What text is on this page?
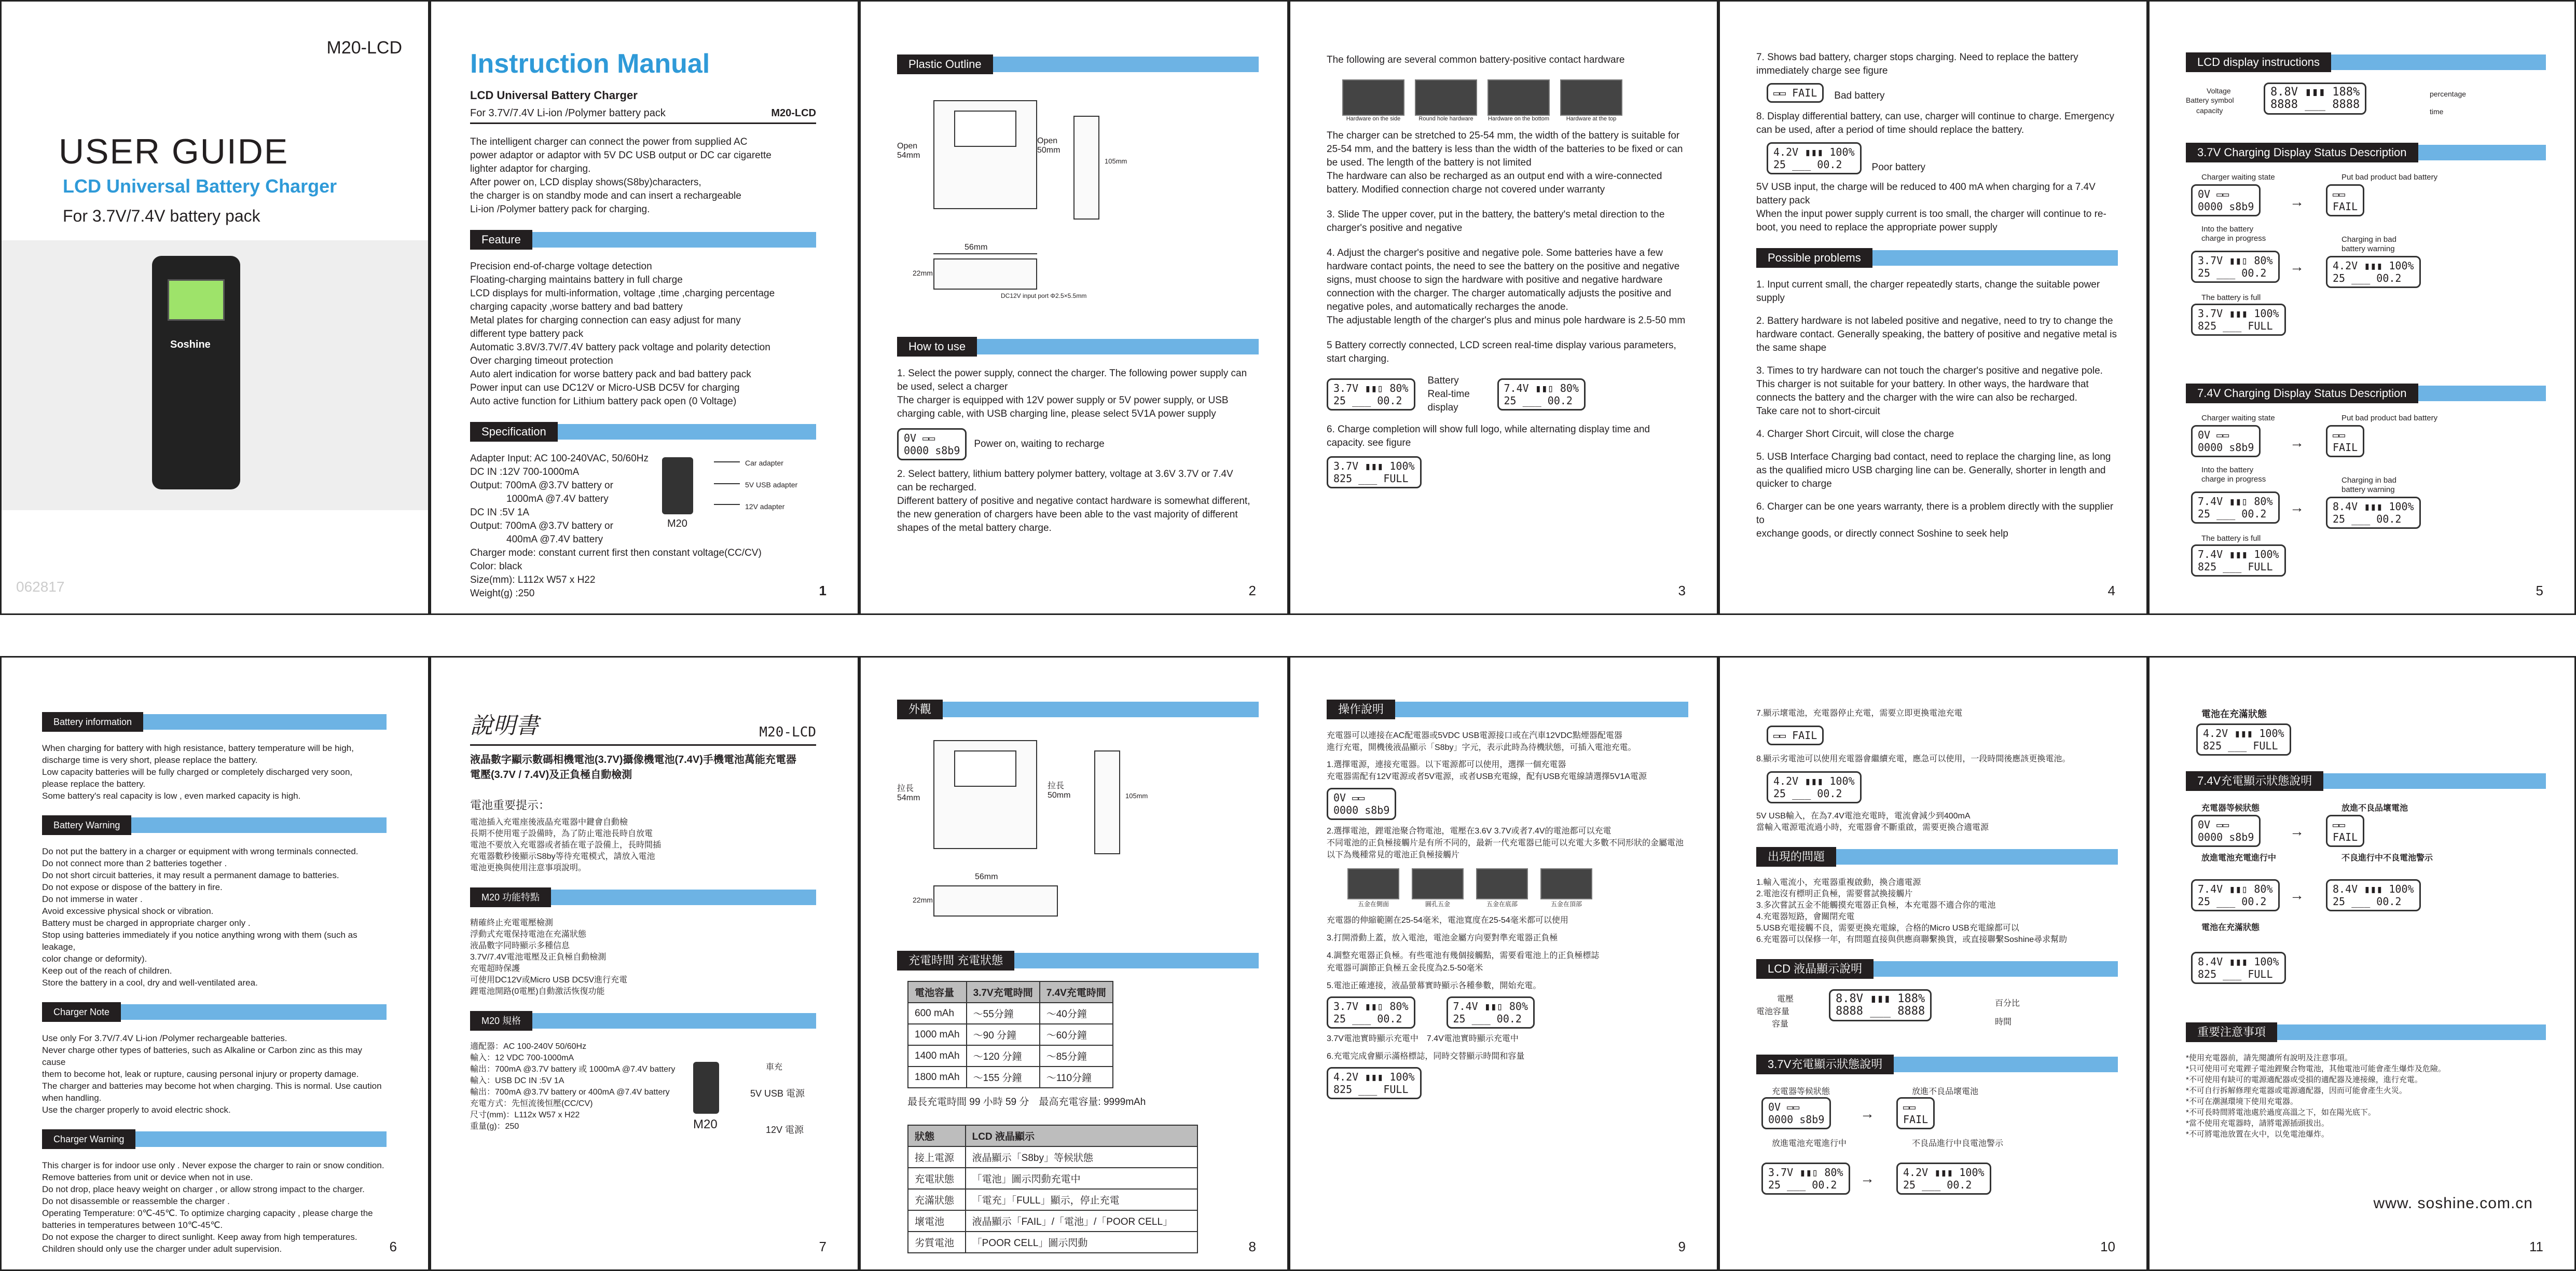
M20-LCD
USER GUIDE
LCD Universal Battery Charger
For 3.7V/7.4V battery pack
Soshine
062817
Instruction Manual
LCD Universal Battery Charger
For 3.7V/7.4V Li-ion /Polymer battery pack	M20-LCD
The intelligent charger can connect the power from supplied AC
power adaptor or adaptor with 5V DC USB output or DC car cigarette
lighter adaptor for charging.
After power on, LCD display shows(S8by)characters,
the charger is on standby mode and can insert a rechargeable
Li-ion /Polymer battery pack for charging.
Feature
Precision end-of-charge voltage detection
Floating-charging maintains battery in full charge
LCD displays for multi-information, voltage ,time ,charging percentage
charging capacity ,worse battery and bad battery
Metal plates for charging connection can easy adjust for many
different type battery pack
Automatic 3.8V/3.7V/7.4V battery pack voltage and polarity detection
Over charging timeout protection
Auto alert indication for worse battery pack and bad battery pack
Power input can use DC12V or Micro-USB DC5V for charging
Auto active function for Lithium battery pack open (0 Voltage)
Specification
Adapter Input: AC 100-240VAC, 50/60Hz
DC IN :12V 700-1000mA
Output: 700mA @3.7V battery or
1000mA @7.4V battery
DC IN :5V 1A
Output: 700mA @3.7V battery or
400mA @7.4V battery
Charger mode: constant current first then constant voltage(CC/CV)
Color: black
Size(mm): L112x W57 x H22
Weight(g) :250
Car adapter
5V USB adapter
12V adapter
M20
1
Plastic Outline
Open 54mm
Open 50mm
105mm
56mm
22mm
DC12V input port Φ2.5×5.5mm
How to use
1. Select the power supply, connect the charger. The following power supply can
be used, select a charger
The charger is equipped with 12V power supply or 5V power supply, or USB
charging cable, with USB charging line, please select 5V1A power supply
0V ▭▭
0000 s8b9
Power on, waiting to recharge
2. Select battery, lithium battery polymer battery, voltage at 3.6V 3.7V or 7.4V
can be recharged.
Different battery of positive and negative contact hardware is somewhat different,
the new generation of chargers have been able to the vast majority of different
shapes of the metal battery charge.
2
The following are several common battery-positive contact hardware
Hardware on the side	Round hole hardware	Hardware on the bottom	Hardware at the top
The charger can be stretched to 25-54 mm, the width of the battery is suitable for
25-54 mm, and the battery is less than the width of the batteries to be fixed or can
be used. The length of the battery is not limited
The hardware can also be recharged as an output end with a wire-connected
battery. Modified connection charge not covered under warranty
3. Slide The upper cover, put in the battery, the battery's metal direction to the
charger's positive and negative
4. Adjust the charger's positive and negative pole. Some batteries have a few
hardware contact points, the need to see the battery on the positive and negative
signs, must choose to sign the hardware with positive and negative hardware
connection with the charger. The charger automatically adjusts the positive and
negative poles, and automatically recharges the anode.
The adjustable length of the charger's plus and minus pole hardware is 2.5-50 mm
5 Battery correctly connected, LCD screen real-time display various parameters,
start charging.
3.7V ▮▮▯ 80%
25 ___ 00.2
Battery Real-time display
7.4V ▮▮▯ 80%
25 ___ 00.2
6. Charge completion will show full logo, while alternating display time and
capacity. see figure
3.7V ▮▮▮ 100%
825 ___ FULL
3
7. Shows bad battery, charger stops charging. Need to replace the battery
immediately charge see figure
▭▭ FAIL Bad battery
8. Display differential battery, can use, charger will continue to charge. Emergency
can be used, after a period of time should replace the battery.
4.2V ▮▮▮ 100%
25 ___ 00.2	Poor battery
5V USB input, the charge will be reduced to 400 mA when charging for a 7.4V
battery pack
When the input power supply current is too small, the charger will continue to re-
boot, you need to replace the appropriate power supply
Possible problems
1. Input current small, the charger repeatedly starts, change the suitable power
supply
2. Battery hardware is not labeled positive and negative, need to try to change the
hardware contact. Generally speaking, the battery of positive and negative metal is
the same shape
3. Times to try hardware can not touch the charger's positive and negative pole.
This charger is not suitable for your battery. In other ways, the hardware that
connects the battery and the charger with the wire can also be recharged.
Take care not to short-circuit
4. Charger Short Circuit, will close the charge
5. USB Interface Charging bad contact, need to replace the charging line, as long
as the qualified micro USB charging line can be. Generally, shorter in length and
quicker to charge
6. Charger can be one years warranty, there is a problem directly with the supplier to
exchange goods, or directly connect Soshine to seek help
4
LCD display instructions
Voltage
Battery symbol
capacity
8.8V ▮▮▮ 188%
8888 ___ 8888
percentage
time
3.7V Charging Display Status Description
Charger waiting state	Put bad product bad battery
0V ▭▭
0000 s8b9 →	▭▭
FAIL
Into the battery
charge in progress	Charging in bad
battery warning
3.7V ▮▮▯ 80%
25 ___ 00.2	→	4.2V ▮▮▮ 100%
25 ___ 00.2
The battery is full
3.7V ▮▮▮ 100%
825 ___ FULL
7.4V Charging Display Status Description
Charger waiting state	Put bad product bad battery
0V ▭▭
0000 s8b9 →	▭▭
FAIL
Into the battery
charge in progress	Charging in bad
battery warning
7.4V ▮▮▯ 80%
25 ___ 00.2	→	8.4V ▮▮▮ 100%
25 ___ 00.2
The battery is full
7.4V ▮▮▮ 100%
825 ___ FULL
5
Battery information
When charging for battery with high resistance, battery temperature will be high,
discharge time is very short, please replace the battery.
Low capacity batteries will be fully charged or completely discharged very soon,
please replace the battery.
Some battery's real capacity is low , even marked capacity is high.
Battery Warning
Do not put the battery in a charger or equipment with wrong terminals connected.
Do not connect more than 2 batteries together .
Do not short circuit batteries, it may result a permanent damage to batteries.
Do not expose or dispose of the battery in fire.
Do not immerse in water .
Avoid excessive physical shock or vibration.
Battery must be charged in appropriate charger only .
Stop using batteries immediately if you notice anything wrong with them (such as leakage,
color change or deformity).
Keep out of the reach of children.
Store the battery in a cool, dry and well-ventilated area.
Charger Note
Use only For 3.7V/7.4V Li-ion /Polymer rechargeable batteries.
Never charge other types of batteries, such as Alkaline or Carbon zinc as this may cause
them to become hot, leak or rupture, causing personal injury or property damage.
The charger and batteries may become hot when charging. This is normal. Use caution
when handling.
Use the charger properly to avoid electric shock.
Charger Warning
This charger is for indoor use only . Never expose the charger to rain or snow condition.
Remove batteries from unit or device when not in use.
Do not drop, place heavy weight on charger , or allow strong impact to the charger.
Do not disassemble or reassemble the charger .
Operating Temperature: 0℃-45℃. To optimize charging capacity , please charge the
batteries in temperatures between 10℃-45℃.
Do not expose the charger to direct sunlight. Keep away from high temperatures.
Children should only use the charger under adult supervision.	6
說明書	M20-LCD
液晶數字顯示數碼相機電池(3.7V)攝像機電池(7.4V)手機電池萬能充電器
電壓(3.7V / 7.4V)及正負極自動檢測
電池重要提示：
電池插入充電座後液晶充電器中鍵會自動檢
長期不使用電子設備時，為了防止電池長時自放電
電池不要放入充電器或者插在電子設備上，長時間插
充電器數秒後顯示S8by等待充電模式，請放入電池
電池更換與使用注意事項說明。
M20 功能特點
精確終止充電電壓檢測
浮動式充電保持電池在充滿狀態
液晶數字同時顯示多種信息
3.7V/7.4V電池電壓及正負極自動檢測
充電超時保護
可使用DC12V或Micro USB DC5V進行充電
鋰電池開路(0電壓)自動激活恢復功能
M20 規格
適配器：AC 100-240V 50/60Hz
輸入：12 VDC 700-1000mA
輸出：700mA @3.7V battery 或 1000mA @7.4V battery
輸入：USB DC IN :5V 1A
輸出：700mA @3.7V battery or 400mA @7.4V battery
充電方式：先恒流後恒壓(CC/CV)
尺寸(mm)：L112x W57 x H22
重量(g)：250
車充
5V USB 電源
M20	12V 電源
7
外觀
拉長 54mm
拉長 50mm	105mm
56mm
22mm
充電時間 充電狀態
電池容量	3.7V充電時間	7.4V充電時間
600 mAh	～55分鐘	～40分鐘
1000 mAh	～90 分鐘	～60分鐘
1400 mAh	～120 分鐘	～85分鐘
1800 mAh	～155 分鐘	～110分鐘
最長充電時間 99 小時 59 分　最高充電容量: 9999mAh
狀態	LCD 液晶顯示
接上電源	液晶顯示「S8by」等候狀態
充電狀態	「電池」圖示閃動充電中
充滿狀態	「電充」「FULL」顯示，停止充電
壞電池	液晶顯示「FAIL」/「電池」/「POOR CELL」
劣質電池	「POOR CELL」圖示閃動	8
操作說明
充電器可以連接在AC配電器或5VDC USB電源接口或在汽車12VDC點煙器配電器
進行充電，開機後液晶顯示「S8by」字元，表示此時為待機狀態，可插入電池充電。
1.選擇電源，連接充電器。以下電源都可以使用，選擇一個充電器
充電器需配有12V電源或者5V電源，或者USB充電線，配有USB充電線請選擇5V1A電源
0V ▭▭
0000 s8b9
2.選擇電池，鋰電池聚合物電池，電壓在3.6V 3.7V或者7.4V的電池都可以充電
不同電池的正負極接觸片是有所不同的，最新一代充電器已能可以充電大多數不同形狀的金屬電池
以下為幾種常見的電池正負極接觸片
五金在側面	圓孔五金	五金在底部	五金在頂部
充電器的伸縮範圍在25-54毫米，電池寬度在25-54毫米都可以使用
3.打開滑動上蓋，放入電池，電池金屬方向要對準充電器正負極
4.調整充電器正負極。有些電池有幾個接觸點，需要看電池上的正負極標誌
充電器可調節正負極五金長度為2.5-50毫米
5.電池正確連接，液晶螢幕實時顯示各種參數，開始充電。
3.7V ▮▮▯ 80%
25 ___ 00.2
7.4V ▮▮▯ 80%
25 ___ 00.2
3.7V電池實時顯示充電中　7.4V電池實時顯示充電中
6.充電完成會顯示滿格標誌，同時交替顯示時間和容量
4.2V ▮▮▮ 100%
825 ___ FULL
9
7.顯示壞電池，充電器停止充電，需要立即更換電池充電
▭▭ FAIL
8.顯示劣電池可以使用充電器會繼續充電，應急可以使用，一段時間後應該更換電池。
4.2V ▮▮▮ 100%
25 ___ 00.2
5V USB輸入，在為7.4V電池充電時，電流會減少到400mA
當輸入電源電流過小時，充電器會不斷重啟，需要更換合適電源
出現的問題
1.輸入電流小，充電器重複啟動，換合適電源
2.電池沒有標明正負極，需要嘗試換接觸片
3.多次嘗試五金不能觸摸充電器正負極，本充電器不適合你的電池
4.充電器短路，會關閉充電
5.USB充電接觸不良，需要更換充電線，合格的Micro USB充電線都可以
6.充電器可以保修一年，有問題直接與供應商聯繫換貨，或直接聯繫Soshine尋求幫助
LCD 液晶顯示說明
電壓
電池容量
容量
8.8V ▮▮▮ 188%
8888 ___ 8888
百分比
時間
3.7V充電顯示狀態說明
充電器等候狀態	放進不良品壞電池
0V ▭▭
0000 s8b9 →	▭▭
FAIL
放進電池充電進行中	不良品進行中良電池警示
3.7V ▮▮▯ 80%
25 ___ 00.2	→	4.2V ▮▮▮ 100%
25 ___ 00.2
10
電池在充滿狀態
4.2V ▮▮▮ 100%
825 ___ FULL
7.4V充電顯示狀態說明
充電器等候狀態	放進不良品壞電池
0V ▭▭
0000 s8b9 →	▭▭
FAIL
放進電池充電進行中	不良進行中不良電池警示
7.4V ▮▮▯ 80%
25 ___ 00.2	→	8.4V ▮▮▮ 100%
25 ___ 00.2
電池在充滿狀態
8.4V ▮▮▮ 100%
825 ___ FULL
重要注意事項
*使用充電器前，請先閱讀所有說明及注意事項。
*只可使用可充電鋰子電池鋰聚合物電池，其他電池可能會產生爆炸及危險。
*不可使用有缺可的電源適配器或受損的適配器及連接線，進行充電。
*不可自行拆解修理充電器或電源適配器，因而可能會產生火災。
*不可在潮濕環境下使用充電器。
*不可長時間將電池處於過度高溫之下，如在陽光底下。
*當不使用充電器時，請將電源插頭拔出。
*不可將電池放置在火中，以免電池爆炸。
www. soshine.com.cn
11
